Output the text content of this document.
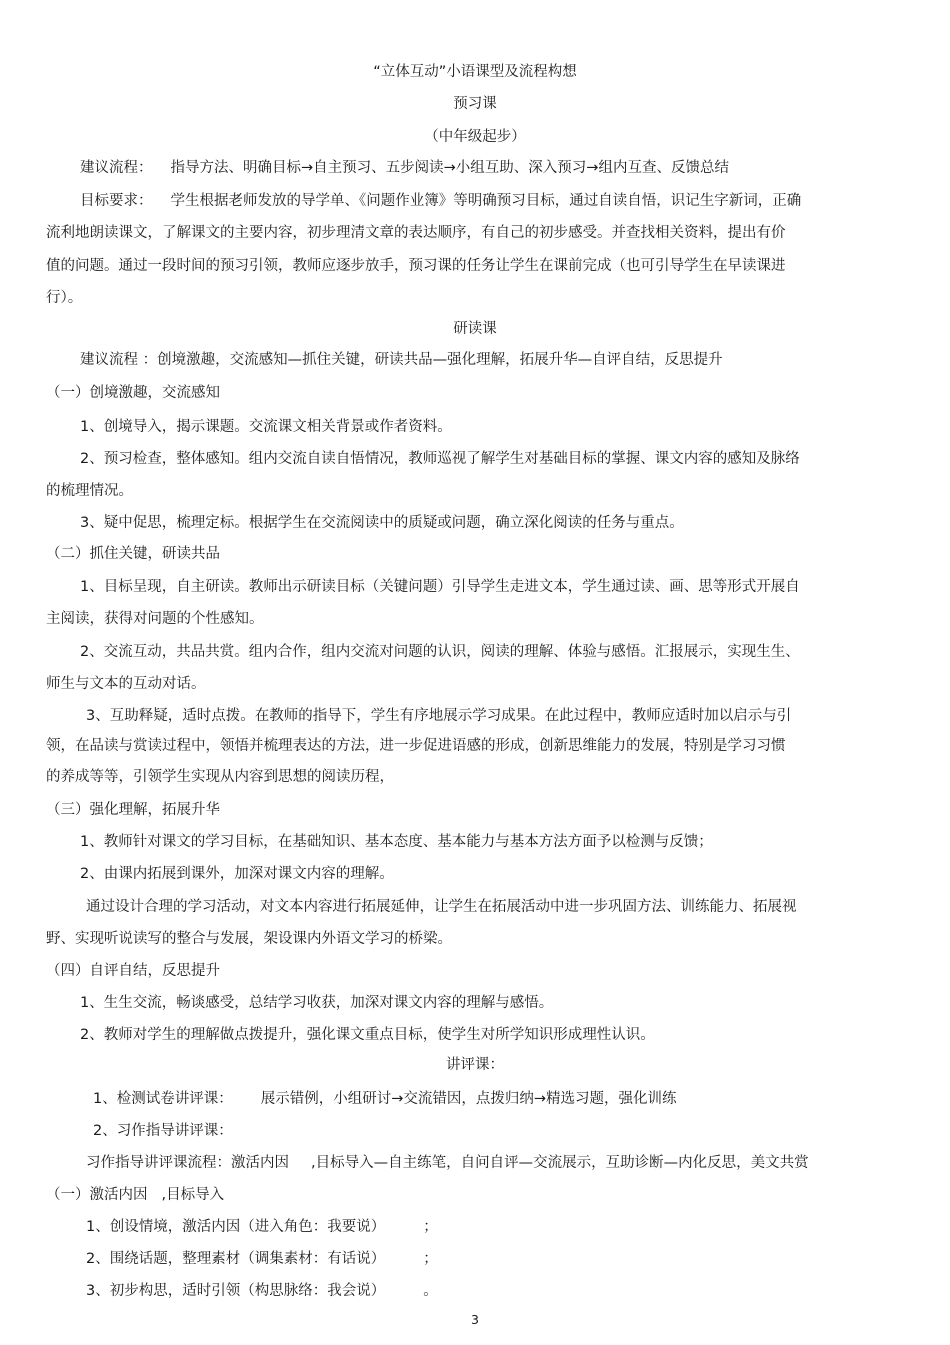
“立体互动”小语课型及流程构想
预习课
（中年级起步）
建议流程： 指导方法、明确目标→自主预习、五步阅读→小组互助、深入预习→组内互查、反馈总结
目标要求： 学生根据老师发放的导学单、《问题作业簿》等明确预习目标，通过自读自悟，识记生字新词，正确
流利地朗读课文，了解课文的主要内容，初步理清文章的表达顺序，有自己的初步感受。并查找相关资料，提出有价
值的问题。通过一段时间的预习引领，教师应逐步放手，预习课的任务让学生在课前完成（也可引导学生在早读课进
行）。
研读课
建议流程 ：创境激趣，交流感知—抓住关键，研读共品—强化理解，拓展升华—自评自结，反思提升
（一）创境激趣，交流感知
1、创境导入，揭示课题。交流课文相关背景或作者资料。
2、预习检查，整体感知。组内交流自读自悟情况，教师巡视了解学生对基础目标的掌握、课文内容的感知及脉络
的梳理情况。
3、疑中促思，梳理定标。根据学生在交流阅读中的质疑或问题，确立深化阅读的任务与重点。
（二）抓住关键，研读共品
1、目标呈现，自主研读。教师出示研读目标（关键问题）引导学生走进文本，学生通过读、画、思等形式开展自
主阅读，获得对问题的个性感知。
2、交流互动，共品共赏。组内合作，组内交流对问题的认识，阅读的理解、体验与感悟。汇报展示，实现生生、
师生与文本的互动对话。
3、互助释疑，适时点拨。在教师的指导下，学生有序地展示学习成果。在此过程中，教师应适时加以启示与引
领，在品读与赏读过程中，领悟并梳理表达的方法，进一步促进语感的形成，创新思维能力的发展，特别是学习习惯
的养成等等，引领学生实现从内容到思想的阅读历程，
（三）强化理解，拓展升华
1、教师针对课文的学习目标，在基础知识、基本态度、基本能力与基本方法方面予以检测与反馈；
2、由课内拓展到课外，加深对课文内容的理解。
通过设计合理的学习活动，对文本内容进行拓展延伸，让学生在拓展活动中进一步巩固方法、训练能力、拓展视
野、实现听说读写的整合与发展，架设课内外语文学习的桥梁。
（四）自评自结，反思提升
1、生生交流，畅谈感受，总结学习收获，加深对课文内容的理解与感悟。
2、教师对学生的理解做点拨提升，强化课文重点目标，使学生对所学知识形成理性认识。
讲评课：
1、检测试卷讲评课： 展示错例，小组研讨→交流错因，点拨归纳→精选习题，强化训练
2、习作指导讲评课：
习作指导讲评课流程：激活内因 ,目标导入—自主练笔，自问自评—交流展示，互助诊断—内化反思，美文共赏
（一）激活内因 ,目标导入
1、创设情境，激活内因（进入角色：我要说）	；
2、围绕话题，整理素材（调集素材：有话说）	；
3、初步构思，适时引领（构思脉络：我会说）	。
3
